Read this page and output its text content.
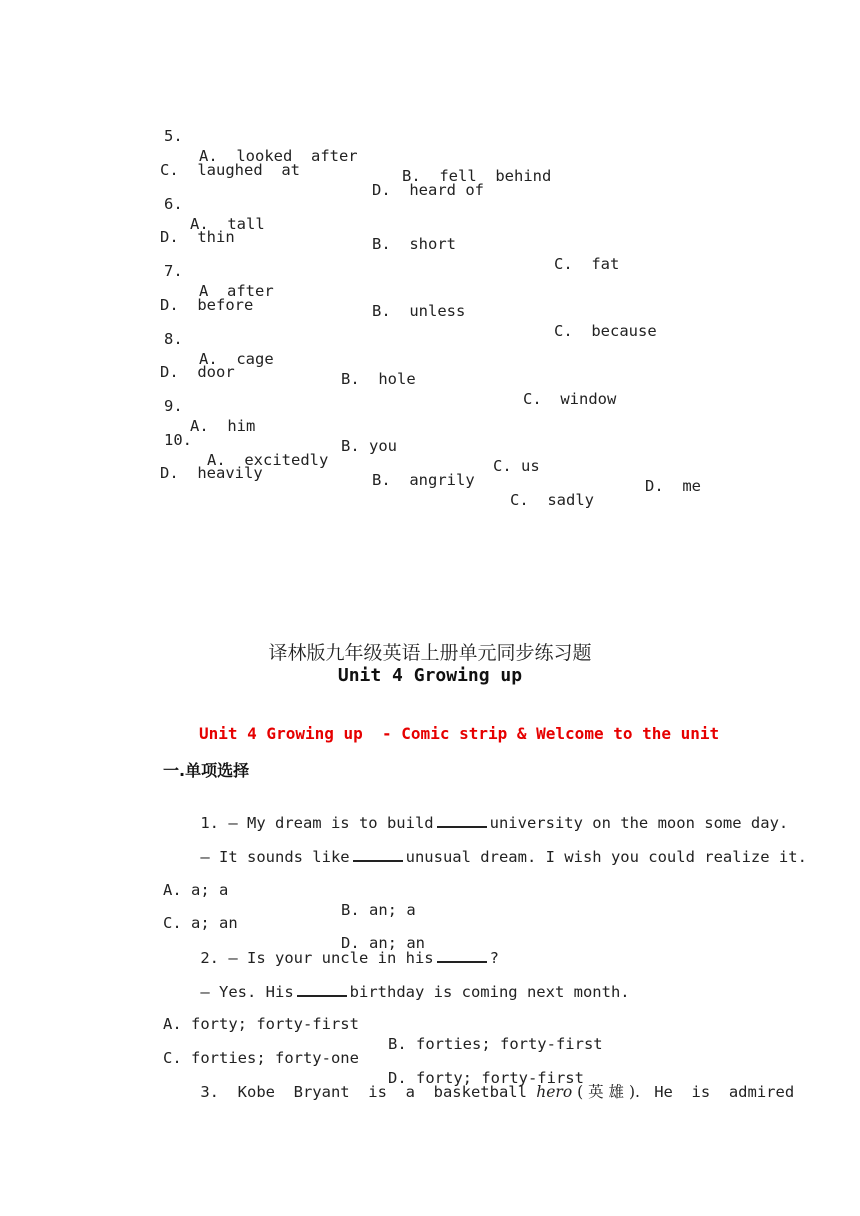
5.

A.  looked  after

B.  fell  behind

C.  laughed  at

D.  heard of

6.

A.  tall

B.  short

C.  fat

D.  thin

7.

A  after

B.  unless

C.  because

D.  before

8.

A.  cage

B.  hole

C.  window

D.  door

9.

A.  him

B. you

C. us

D.  me

10.

A.  excitedly

B.  angrily

C.  sadly

D.  heavily

译林版九年级英语上册单元同步练习题
Unit 4 Growing up
Unit 4 Growing up  - Comic strip & Welcome to the unit
一.单项选择

1. — My dream is to build	university on the moon some day.

— It sounds like	unusual dream. I wish you could realize it.

A. a; a

B. an; a

C. a; an

D. an; an

2. — Is your uncle in his	?

— Yes. His	birthday is coming next month.

A. forty; forty-first

B. forties; forty-first

C. forties; forty-one

D. forty; forty-first

3.  Kobe  Bryant  is  a  basketball hero ( 英 雄 ).  He  is  admired
